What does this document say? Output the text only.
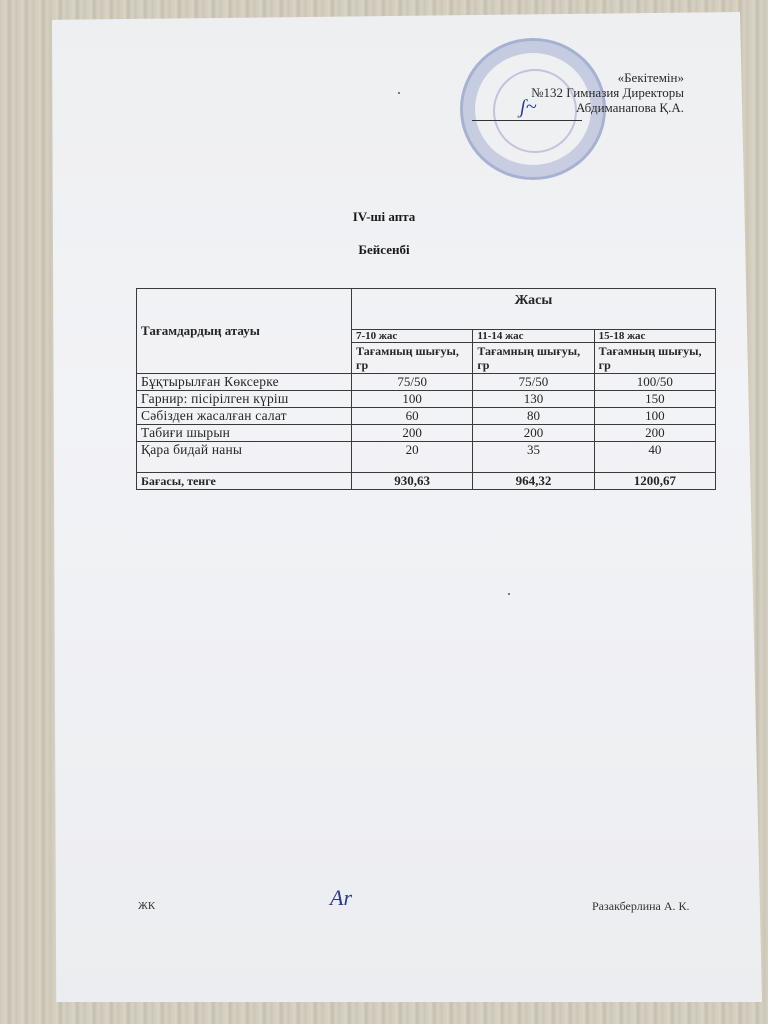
ʃ~
«Бекітемін»
№132 Гимназия Директоры
Абдиманапова Қ.А.
IV-ші апта
Бейсенбі
Тағамдардың атауы	Жасы		
	7-10 жас	11-14 жас	15-18 жас
	Тағамның шығуы, гр	Тағамның шығуы, гр	Тағамның шығуы, гр
Бұқтырылған Көксерке	75/50	75/50	100/50
Гарнир: пісірілген күріш	100	130	150
Сәбізден жасалған салат	60	80	100
Табиғи шырын	200	200	200
Қара бидай наны	20	35	40
Бағасы, тенге	930,63	964,32	1200,67
ЖК	Ar	Разакберлина А. К.
